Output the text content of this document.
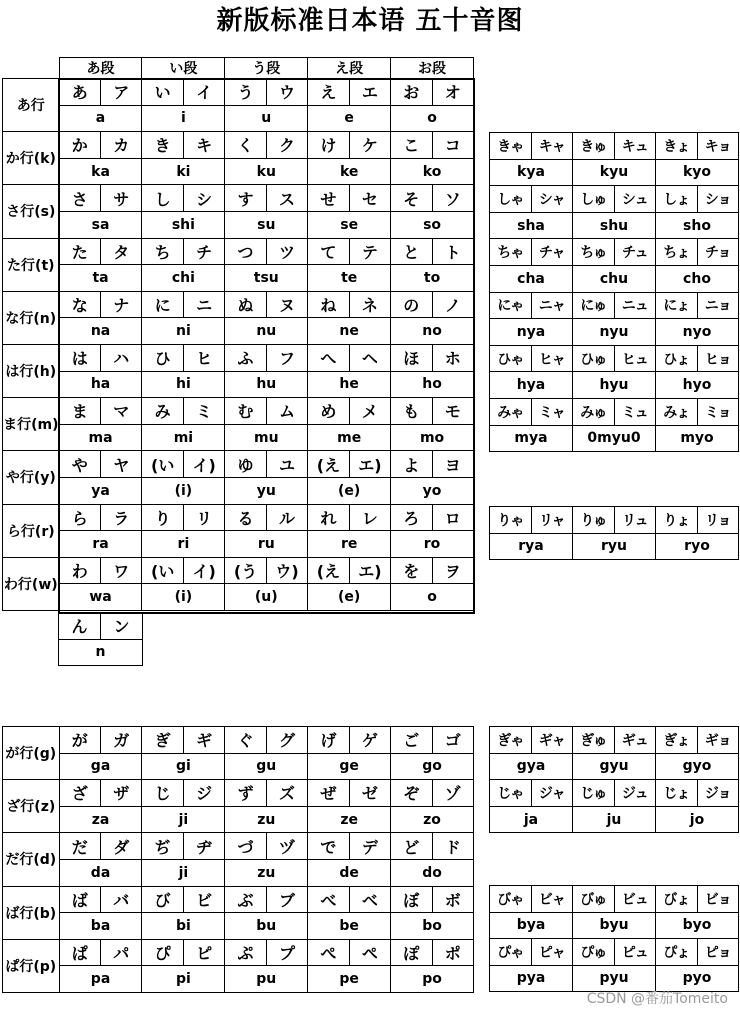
新版标准日本语 五十音图
	あ段		い段		う段		え段		お段	
あ行	あ	ア	い	イ	う	ウ	え	エ	お	オ
	a		i		u		e		o	
か行(k)	か	カ	き	キ	く	ク	け	ケ	こ	コ
	ka		ki		ku		ke		ko	
さ行(s)	さ	サ	し	シ	す	ス	せ	セ	そ	ソ
	sa		shi		su		se		so	
た行(t)	た	タ	ち	チ	つ	ツ	て	テ	と	ト
	ta		chi		tsu		te		to	
な行(n)	な	ナ	に	ニ	ぬ	ヌ	ね	ネ	の	ノ
	na		ni		nu		ne		no	
は行(h)	は	ハ	ひ	ヒ	ふ	フ	へ	ヘ	ほ	ホ
	ha		hi		hu		he		ho	
ま行(m)	ま	マ	み	ミ	む	ム	め	メ	も	モ
	ma		mi		mu		me		mo	
や行(y)	や	ヤ	(い	イ)	ゆ	ユ	(え	エ)	よ	ヨ
	ya		(i)		yu		(e)		yo	
ら行(r)	ら	ラ	り	リ	る	ル	れ	レ	ろ	ロ
	ra		ri		ru		re		ro	
わ行(w)	わ	ワ	(い	イ)	(う	ウ)	(え	エ)	を	ヲ
	wa		(i)		(u)		(e)		o	
ん	ン
n
きゃ	キャ	きゅ	キュ	きょ	キョ
kya		kyu		kyo	
しゃ	シャ	しゅ	シュ	しょ	ショ
sha		shu		sho	
ちゃ	チャ	ちゅ	チュ	ちょ	チョ
cha		chu		cho	
にゃ	ニャ	にゅ	ニュ	にょ	ニョ
nya		nyu		nyo	
ひゃ	ヒャ	ひゅ	ヒュ	ひょ	ヒョ
hya		hyu		hyo	
みゃ	ミャ	みゅ	ミュ	みょ	ミョ
mya		0myu0		myo	
りゃ	リャ	りゅ	リュ	りょ	リョ
rya		ryu		ryo	
が行(g)	が	ガ	ぎ	ギ	ぐ	グ	げ	ゲ	ご	ゴ
	ga		gi		gu		ge		go	
ざ行(z)	ざ	ザ	じ	ジ	ず	ズ	ぜ	ゼ	ぞ	ゾ
	za		ji		zu		ze		zo	
だ行(d)	だ	ダ	ぢ	ヂ	づ	ヅ	で	デ	ど	ド
	da		ji		zu		de		do	
ば行(b)	ば	バ	び	ビ	ぶ	ブ	べ	ベ	ぼ	ボ
	ba		bi		bu		be		bo	
ぱ行(p)	ぱ	パ	ぴ	ピ	ぷ	プ	ぺ	ペ	ぽ	ポ
	pa		pi		pu		pe		po	
ぎゃ	ギャ	ぎゅ	ギュ	ぎょ	ギョ
gya		gyu		gyo	
じゃ	ジャ	じゅ	ジュ	じょ	ジョ
ja		ju		jo	
びゃ	ビャ	びゅ	ビュ	びょ	ビョ
bya		byu		byo	
ぴゃ	ピャ	ぴゅ	ピュ	ぴょ	ピョ
pya		pyu		pyo	
CSDN @番茄Tomeito
